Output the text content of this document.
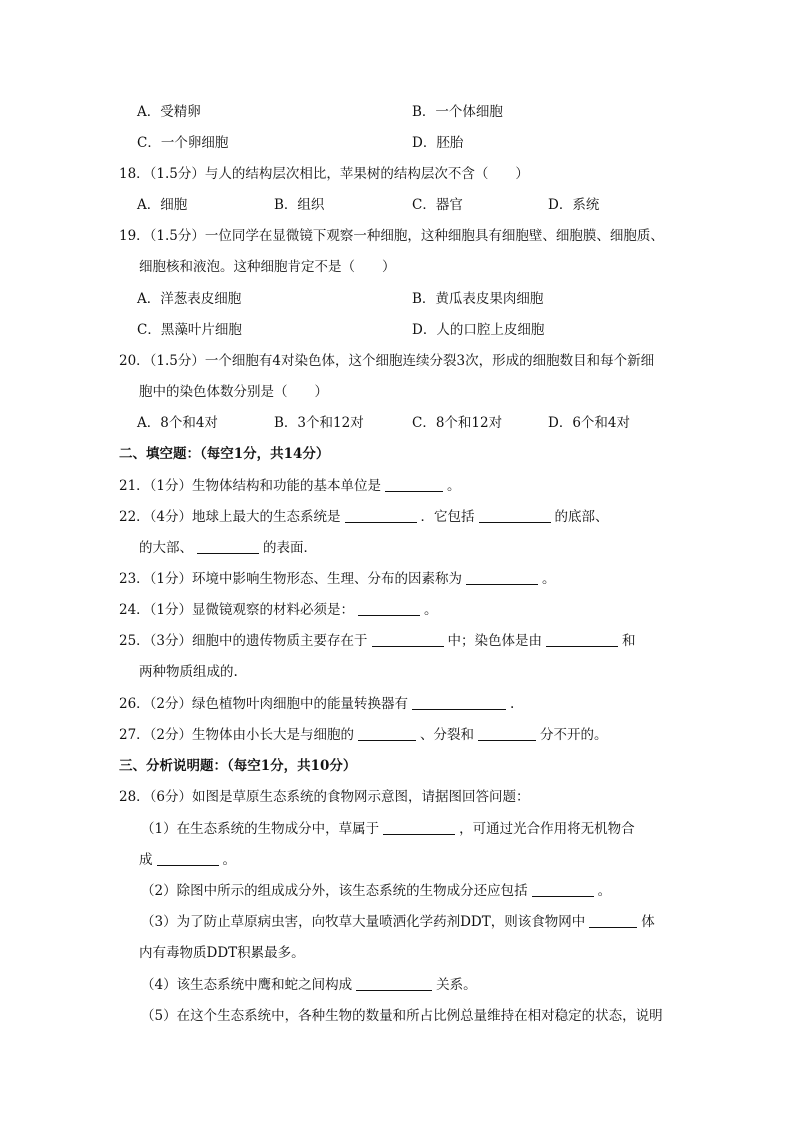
A．受精卵	B．一个体细胞
C．一个卵细胞	D．胚胎
18．（1.5分）与人的结构层次相比，苹果树的结构层次不含（　　）
A．细胞	B．组织	C．器官	D．系统
19．（1.5分）一位同学在显微镜下观察一种细胞，这种细胞具有细胞壁、细胞膜、细胞质、
细胞核和液泡。这种细胞肯定不是（　　）
A．洋葱表皮细胞	B．黄瓜表皮果肉细胞
C．黑藻叶片细胞	D．人的口腔上皮细胞
20．（1.5分）一个细胞有4对染色体，这个细胞连续分裂3次，形成的细胞数目和每个新细
胞中的染色体数分别是（　　）
A．8个和4对	B．3个和12对	C．8个和12对	D．6个和4对
二、填空题：（每空1分，共14分）
21．（1分）生物体结构和功能的基本单位是	。
22．（4分）地球上最大的生态系统是	．它包括	的底部、
的大部、	的表面．
23．（1分）环境中影响生物形态、生理、分布的因素称为	。
24．（1分）显微镜观察的材料必须是：	。
25．（3分）细胞中的遗传物质主要存在于	中；染色体是由	和
两种物质组成的.
26．（2分）绿色植物叶肉细胞中的能量转换器有	.
27．（2分）生物体由小长大是与细胞的	、分裂和	分不开的。
三、分析说明题：（每空1分，共10分）
28．（6分）如图是草原生态系统的食物网示意图，请据图回答问题：
（1）在生态系统的生物成分中，草属于	，可通过光合作用将无机物合
成	。
（2）除图中所示的组成成分外，该生态系统的生物成分还应包括	。
（3）为了防止草原病虫害，向牧草大量喷洒化学药剂DDT，则该食物网中	体
内有毒物质DDT积累最多。
（4）该生态系统中鹰和蛇之间构成	关系。
（5）在这个生态系统中，各种生物的数量和所占比例总量维持在相对稳定的状态，说明
